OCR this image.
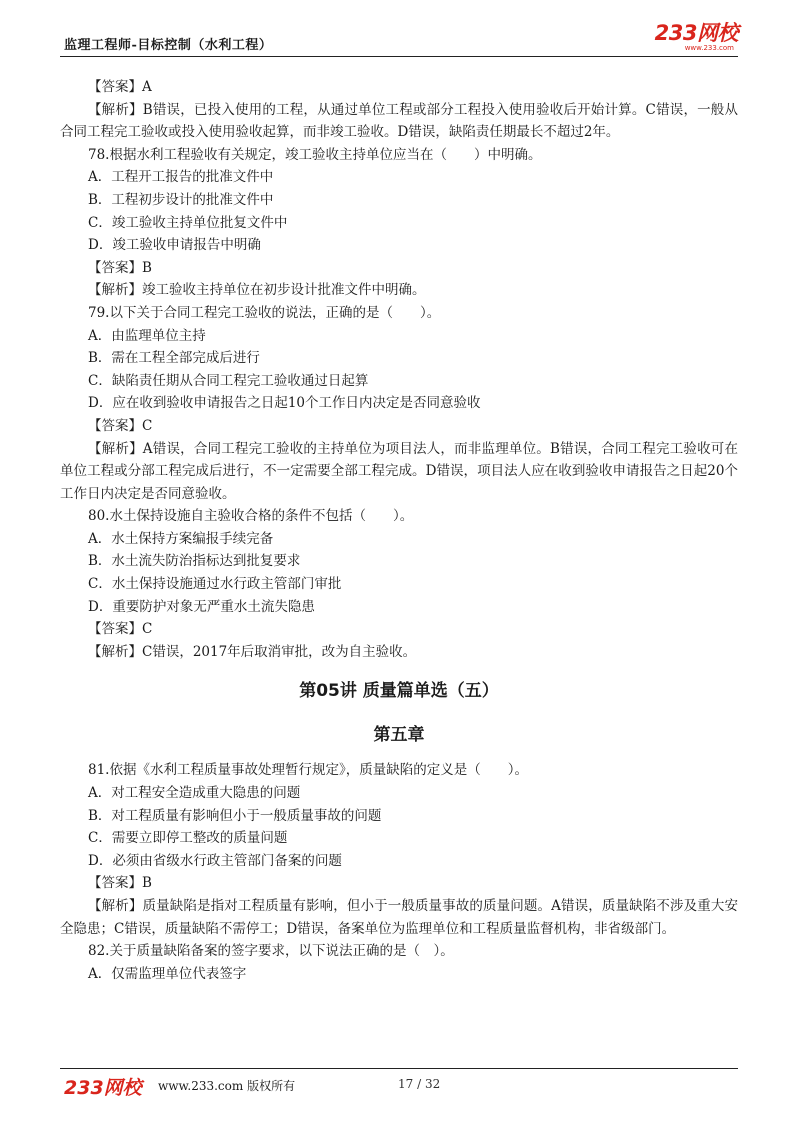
监理工程师-目标控制（水利工程）
233网校
www.233.com

【答案】A

【解析】B错误，已投入使用的工程，从通过单位工程或部分工程投入使用验收后开始计算。C错误，一般从合同工程完工验收或投入使用验收起算，而非竣工验收。D错误，缺陷责任期最长不超过2年。

78.根据水利工程验收有关规定，竣工验收主持单位应当在（　　）中明确。

A．工程开工报告的批准文件中

B．工程初步设计的批准文件中

C．竣工验收主持单位批复文件中

D．竣工验收申请报告中明确

【答案】B

【解析】竣工验收主持单位在初步设计批准文件中明确。

79.以下关于合同工程完工验收的说法，正确的是（　　）。

A．由监理单位主持

B．需在工程全部完成后进行

C．缺陷责任期从合同工程完工验收通过日起算

D．应在收到验收申请报告之日起10个工作日内决定是否同意验收

【答案】C

【解析】A错误，合同工程完工验收的主持单位为项目法人，而非监理单位。B错误，合同工程完工验收可在单位工程或分部工程完成后进行，不一定需要全部工程完成。D错误，项目法人应在收到验收申请报告之日起20个工作日内决定是否同意验收。

80.水土保持设施自主验收合格的条件不包括（　　）。

A．水土保持方案编报手续完备

B．水土流失防治指标达到批复要求

C．水土保持设施通过水行政主管部门审批

D．重要防护对象无严重水土流失隐患

【答案】C

【解析】C错误，2017年后取消审批，改为自主验收。

第05讲 质量篇单选（五）
第五章

81.依据《水利工程质量事故处理暂行规定》，质量缺陷的定义是（　　）。

A．对工程安全造成重大隐患的问题

B．对工程质量有影响但小于一般质量事故的问题

C．需要立即停工整改的质量问题

D．必须由省级水行政主管部门备案的问题

【答案】B

【解析】质量缺陷是指对工程质量有影响，但小于一般质量事故的质量问题。A错误，质量缺陷不涉及重大安全隐患；C错误，质量缺陷不需停工；D错误，备案单位为监理单位和工程质量监督机构，非省级部门。

82.关于质量缺陷备案的签字要求，以下说法正确的是（　）。

A．仅需监理单位代表签字

233网校 www.233.com 版权所有	17 / 32
